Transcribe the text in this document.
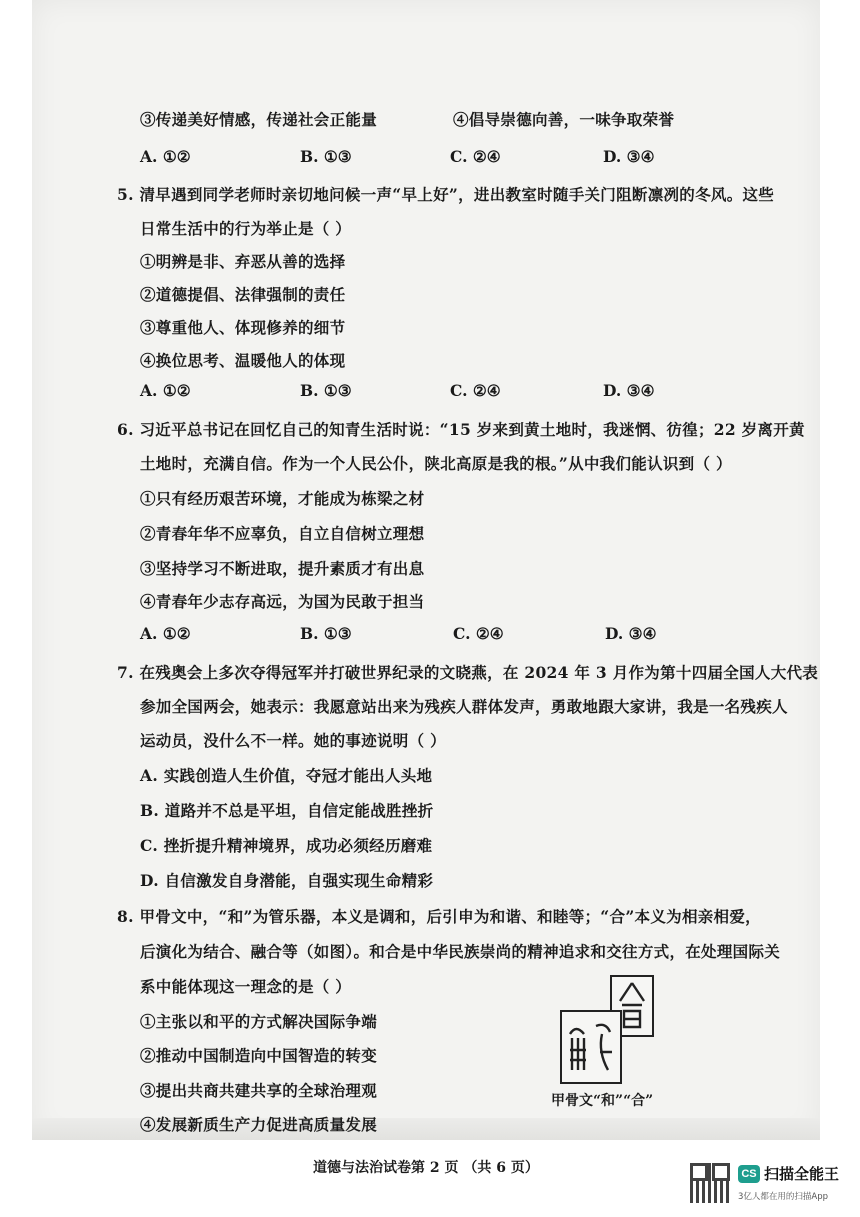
③传递美好情感，传递社会正能量	④倡导崇德向善，一味争取荣誉
A. ①②	B. ①③	C. ②④	D. ③④
5. 清早遇到同学老师时亲切地问候一声“早上好”，进出教室时随手关门阻断凛冽的冬风。这些
日常生活中的行为举止是（ ）
①明辨是非、弃恶从善的选择
②道德提倡、法律强制的责任
③尊重他人、体现修养的细节
④换位思考、温暖他人的体现
A. ①②	B. ①③	C. ②④	D. ③④
6. 习近平总书记在回忆自己的知青生活时说：“15 岁来到黄土地时，我迷惘、彷徨；22 岁离开黄
土地时，充满自信。作为一个人民公仆，陕北高原是我的根。”从中我们能认识到（ ）
①只有经历艰苦环境，才能成为栋梁之材
②青春年华不应辜负，自立自信树立理想
③坚持学习不断进取，提升素质才有出息
④青春年少志存高远，为国为民敢于担当
A. ①②	B. ①③	C. ②④	D. ③④
7. 在残奥会上多次夺得冠军并打破世界纪录的文晓燕，在 2024 年 3 月作为第十四届全国人大代表
参加全国两会，她表示：我愿意站出来为残疾人群体发声，勇敢地跟大家讲，我是一名残疾人
运动员，没什么不一样。她的事迹说明（ ）
A. 实践创造人生价值，夺冠才能出人头地
B. 道路并不总是平坦，自信定能战胜挫折
C. 挫折提升精神境界，成功必须经历磨难
D. 自信激发自身潜能，自强实现生命精彩
8. 甲骨文中，“和”为管乐器，本义是调和，后引申为和谐、和睦等；“合”本义为相亲相爱，
后演化为结合、融合等（如图）。和合是中华民族崇尚的精神追求和交往方式，在处理国际关
系中能体现这一理念的是（ ）
①主张以和平的方式解决国际争端
②推动中国制造向中国智造的转变
③提出共商共建共享的全球治理观
④发展新质生产力促进高质量发展
甲骨文“和”“合”
道德与法治试卷第 2 页 （共 6 页）	CS 扫描全能王
3亿人都在用的扫描App
